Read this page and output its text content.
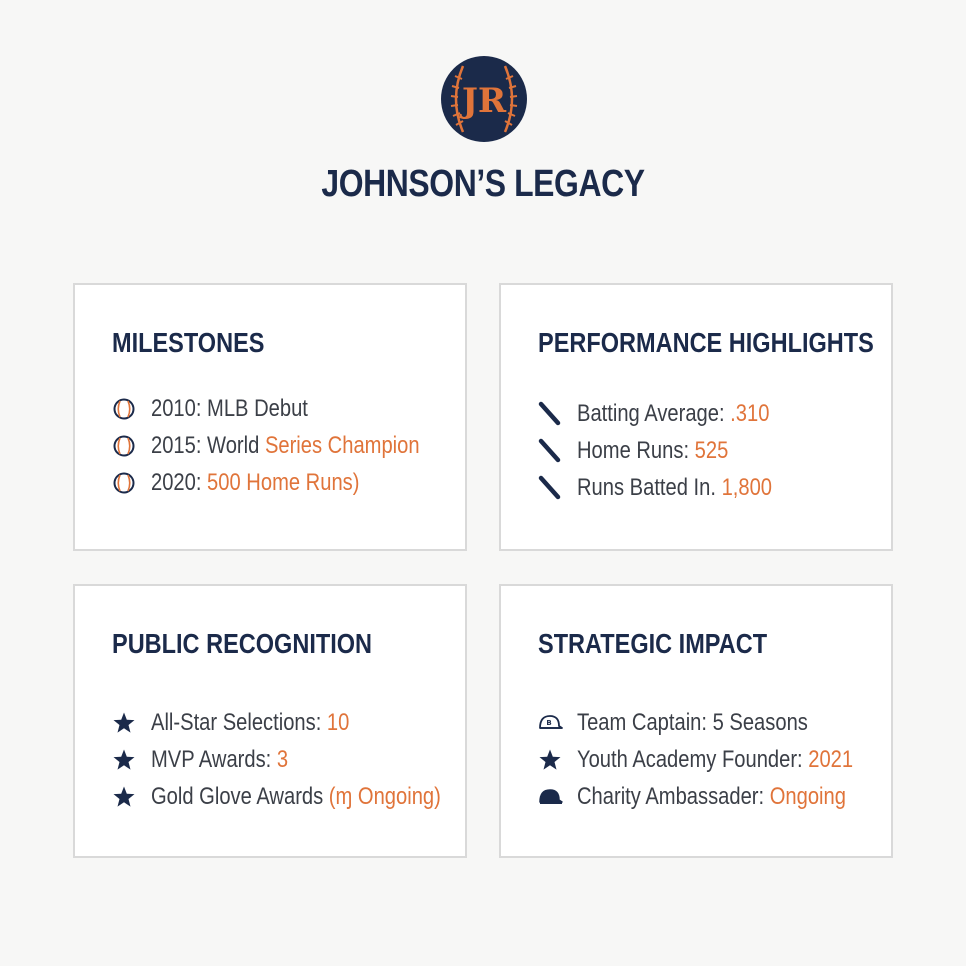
JR
JOHNSON’S LEGACY
MILESTONES
2010: MLB Debut
2015: World Series Champion
2020: 500 Home Runs)
PERFORMANCE HIGHLIGHTS
Batting Average: .310
Home Runs: 525
Runs Batted In. 1,800
PUBLIC RECOGNITION
All-Star Selections: 10
MVP Awards: 3
Gold Glove Awards (ɱ Ongoing)
STRATEGIC IMPACT
B Team Captain: 5 Seasons
Youth Academy Founder: 2021
Charity Ambassader: Ongoing
